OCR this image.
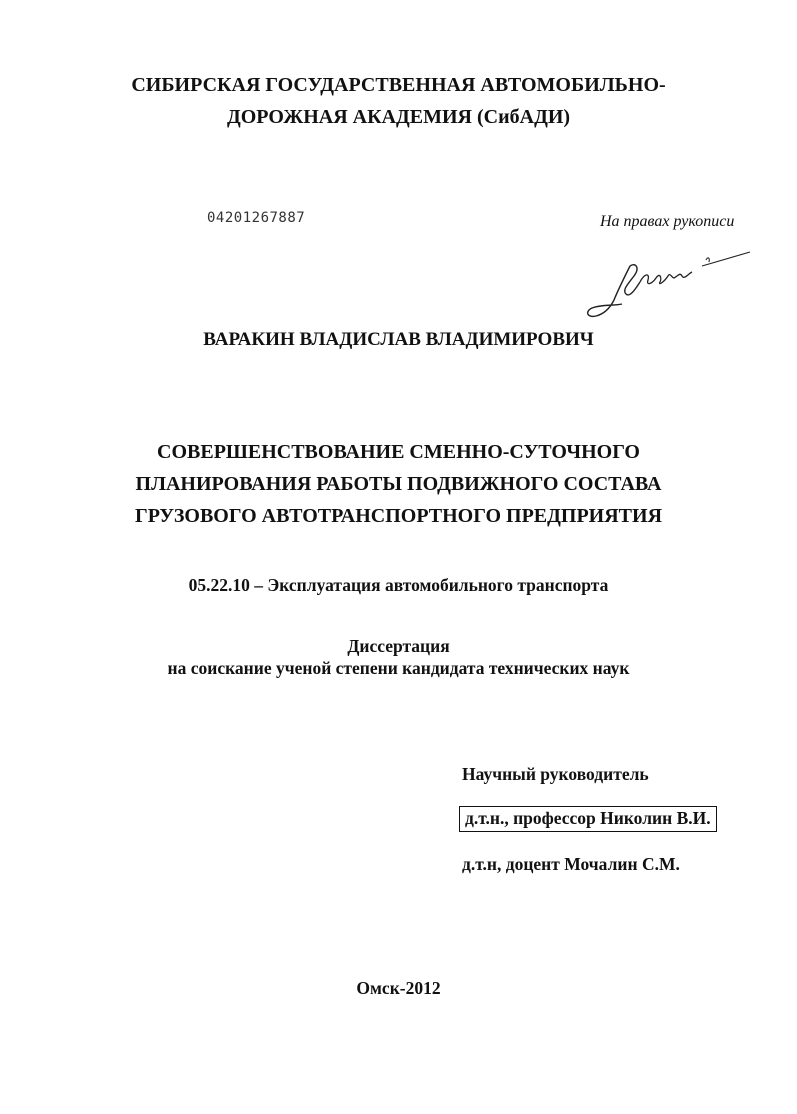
СИБИРСКАЯ ГОСУДАРСТВЕННАЯ АВТОМОБИЛЬНО-
ДОРОЖНАЯ АКАДЕМИЯ (СибАДИ)
04201267887	На правах рукописи
ВАРАКИН ВЛАДИСЛАВ ВЛАДИМИРОВИЧ
СОВЕРШЕНСТВОВАНИЕ СМЕННО-СУТОЧНОГО
ПЛАНИРОВАНИЯ РАБОТЫ ПОДВИЖНОГО СОСТАВА
ГРУЗОВОГО АВТОТРАНСПОРТНОГО ПРЕДПРИЯТИЯ
05.22.10 – Эксплуатация автомобильного транспорта
Диссертация
на соискание ученой степени кандидата технических наук
Научный руководитель
д.т.н., профессор Николин В.И.
д.т.н, доцент Мочалин С.М.
Омск-2012
